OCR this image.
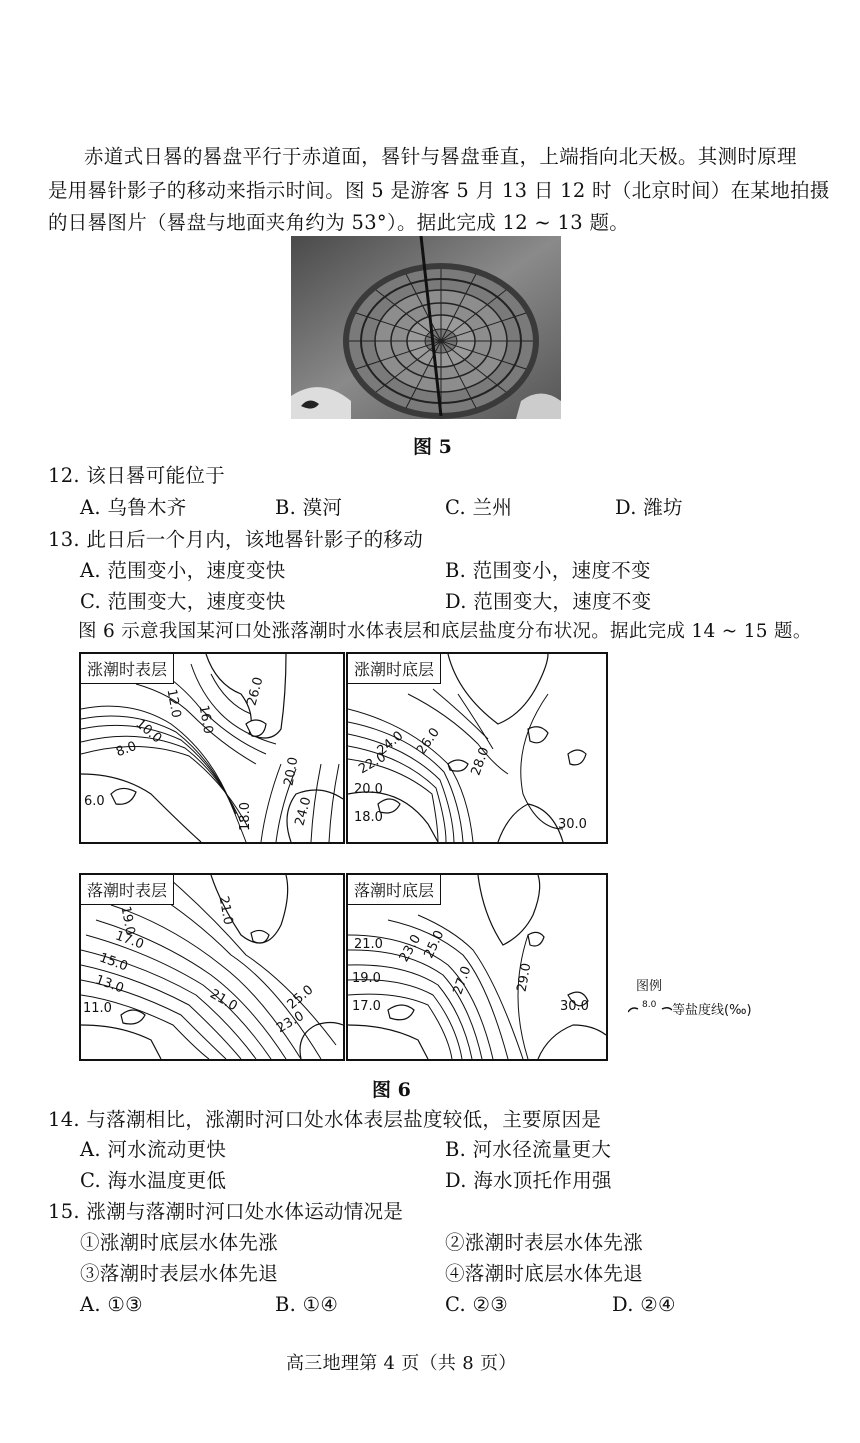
赤道式日晷的晷盘平行于赤道面，晷针与晷盘垂直，上端指向北天极。其测时原理
是用晷针影子的移动来指示时间。图 5 是游客 5 月 13 日 12 时（北京时间）在某地拍摄
的日晷图片（晷盘与地面夹角约为 53°）。据此完成 12 ~ 13 题。
图 5
12. 该日晷可能位于
A. 乌鲁木齐	B. 漠河	C. 兰州	D. 潍坊
13. 此日后一个月内，该地晷针影子的移动
A. 范围变小，速度变快	B. 范围变小，速度不变
C. 范围变大，速度变快	D. 范围变大，速度不变
图 6 示意我国某河口处涨落潮时水体表层和底层盐度分布状况。据此完成 14 ~ 15 题。
涨潮时表层
26.0
12.0
16.0
10.0
8.0
20.0
6.0
18.0	24.0
涨潮时底层
24.0 26.0
22.0	28.0
20.0
18.0	30.0
落潮时表层
19.0	21.0
17.0
15.0
13.0
11.0	21.0	25.0
23.0
落潮时底层
21.0 23.0
25.0
27.0
19.0	29.0
17.0	30.0
图例
8.0 等盐度线(‰)
图 6
14. 与落潮相比，涨潮时河口处水体表层盐度较低，主要原因是
A. 河水流动更快	B. 河水径流量更大
C. 海水温度更低	D. 海水顶托作用强
15. 涨潮与落潮时河口处水体运动情况是
①涨潮时底层水体先涨	②涨潮时表层水体先涨
③落潮时表层水体先退	④落潮时底层水体先退
A. ①③	B. ①④	C. ②③	D. ②④
高三地理第 4 页（共 8 页）
